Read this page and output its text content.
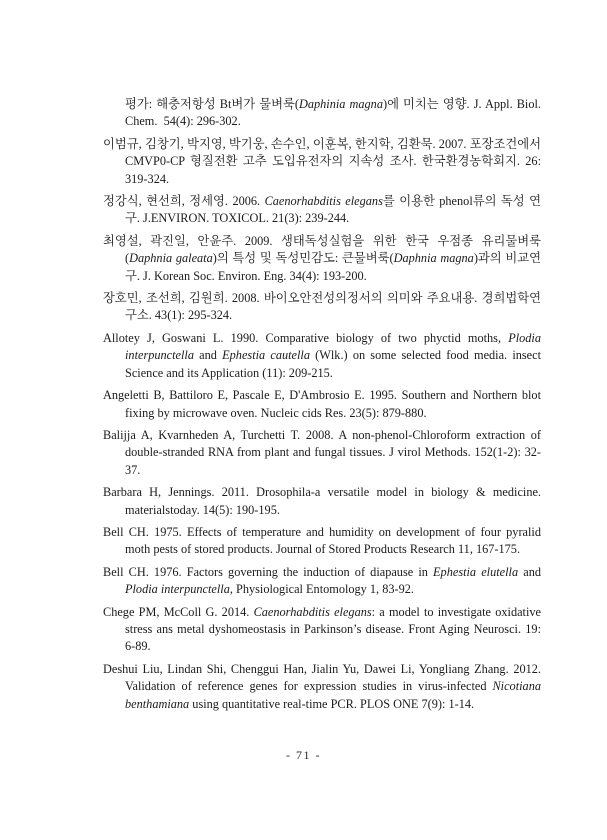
평가: 해충저항성 Bt벼가 물벼룩(Daphinia magna)에 미치는 영향. J. Appl. Biol. Chem.  54(4): 296-302.

이범규, 김창기, 박지영, 박기웅, 손수인, 이훈복, 한지학, 김환묵. 2007. 포장조건에서 CMVP0-CP 형질전환 고추 도입유전자의 지속성 조사. 한국환경농학회지. 26: 319-324.

정강식, 현선희, 정세영. 2006. Caenorhabditis elegans를 이용한 phenol류의 독성 연구. J.ENVIRON. TOXICOL. 21(3): 239-244.

최영설, 곽진일, 안윤주. 2009. 생태독성실험을 위한 한국 우점종 유리물벼룩(Daphnia galeata)의 특성 및 독성민감도: 큰물벼룩(Daphnia magna)과의 비교연구. J. Korean Soc. Environ. Eng. 34(4): 193-200.

장호민, 조선희, 김원희. 2008. 바이오안전성의정서의 의미와 주요내용. 경희법학연구소. 43(1): 295-324.

Allotey J, Goswani L. 1990. Comparative biology of two phyctid moths, Plodia interpunctella and Ephestia cautella (Wlk.) on some selected food media. insect Science and its Application (11): 209-215.

Angeletti B, Battiloro E, Pascale E, D'Ambrosio E. 1995. Southern and Northern blot fixing by microwave oven. Nucleic cids Res. 23(5): 879-880.

Balijja A, Kvarnheden A, Turchetti T. 2008. A non-phenol-Chloroform extraction of double-stranded RNA from plant and fungal tissues. J virol Methods. 152(1-2): 32-37.

Barbara H, Jennings. 2011. Drosophila-a versatile model in biology & medicine. materialstoday. 14(5): 190-195.

Bell CH. 1975. Effects of temperature and humidity on development of four pyralid moth pests of stored products. Journal of Stored Products Research 11, 167-175.

Bell CH. 1976. Factors governing the induction of diapause in Ephestia elutella and Plodia interpunctella, Physiological Entomology 1, 83-92.

Chege PM, McColl G. 2014. Caenorhabditis elegans: a model to investigate oxidative stress ans metal dyshomeostasis in Parkinson’s disease. Front Aging Neurosci. 19: 6-89.

Deshui Liu, Lindan Shi, Chenggui Han, Jialin Yu, Dawei Li, Yongliang Zhang. 2012. Validation of reference genes for expression studies in virus-infected Nicotiana benthamiana using quantitative real-time PCR. PLOS ONE 7(9): 1-14.

- 71 -
